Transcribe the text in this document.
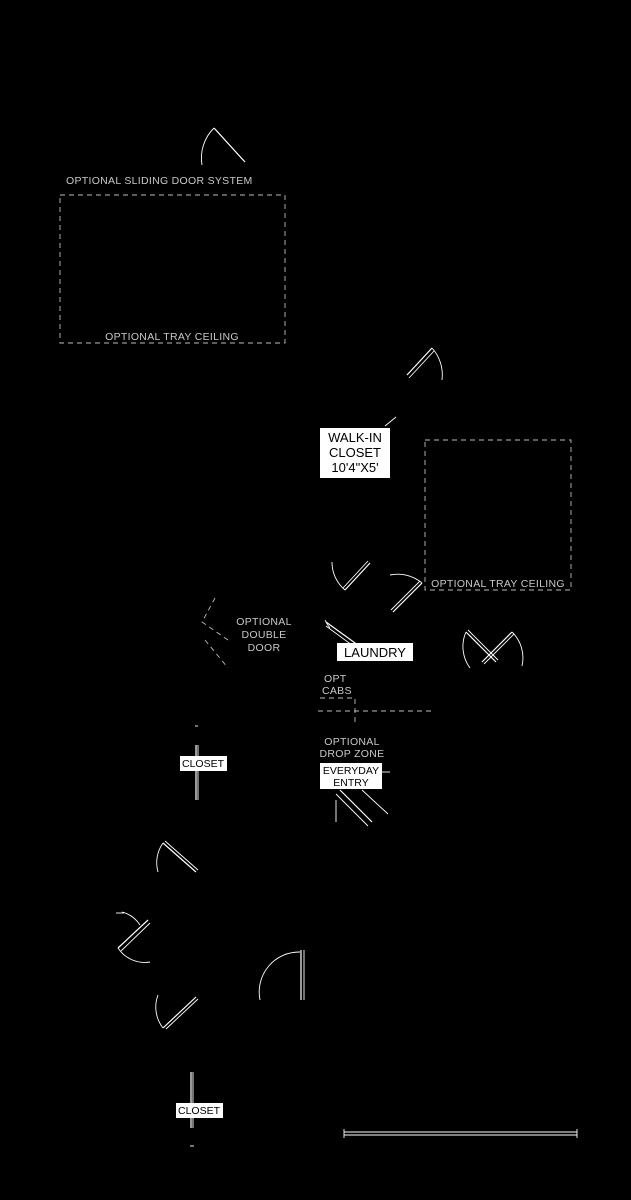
OPTIONAL SLIDING DOOR SYSTEM
OPTIONAL TRAY CEILING
WALK-IN
CLOSET
10'4"X5'
OPTIONAL TRAY CEILING
OPTIONAL
DOUBLE
DOOR	LAUNDRY
OPT
CABS
OPTIONAL
DROP ZONE
EVERYDAY
ENTRY
CLOSET
CLOSET
